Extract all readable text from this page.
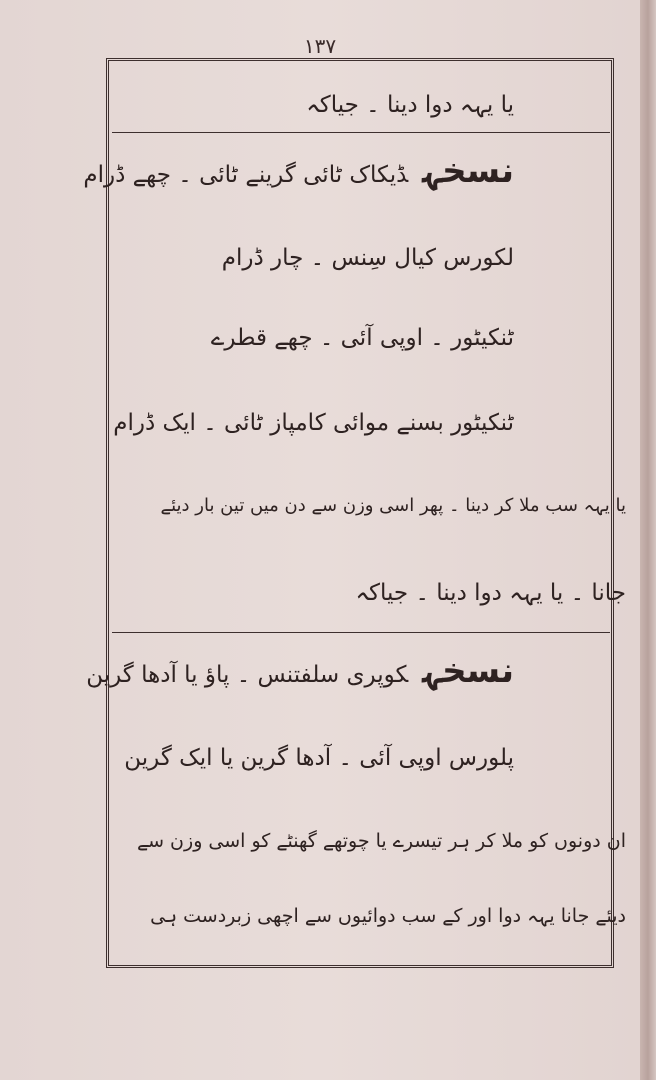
۱۳۷
یا یہہ دوا دینا ۔ جیاکہ
نسخہڈیکاک ٹائی گرینے ٹائی ۔ چھے ڈرام
لکورس کیال سِنس ۔ چار ڈرام
ٹنکیٹور ۔ اوپی آئی ۔ چھے قطرے
ٹنکیٹور بسنے موائی کامپاز ٹائی ۔ ایک ڈرام
یا یہہ سب ملا کر دینا ۔ پھر اسی وزن سے دن میں تین بار دیئے
جانا ۔ یا یہہ دوا دینا ۔ جیاکہ
نسخہکوپری سلفتنس ۔ پاؤ یا آدھا گرین
پلورس اوپی آئی ۔ آدھا گرین یا ایک گرین
ان دونوں کو ملا کر ہر تیسرے یا چوتھے گھنٹے کو اسی وزن سے
دیئے جانا یہہ دوا اور کے سب دوائیوں سے اچھی زبردست ہی
